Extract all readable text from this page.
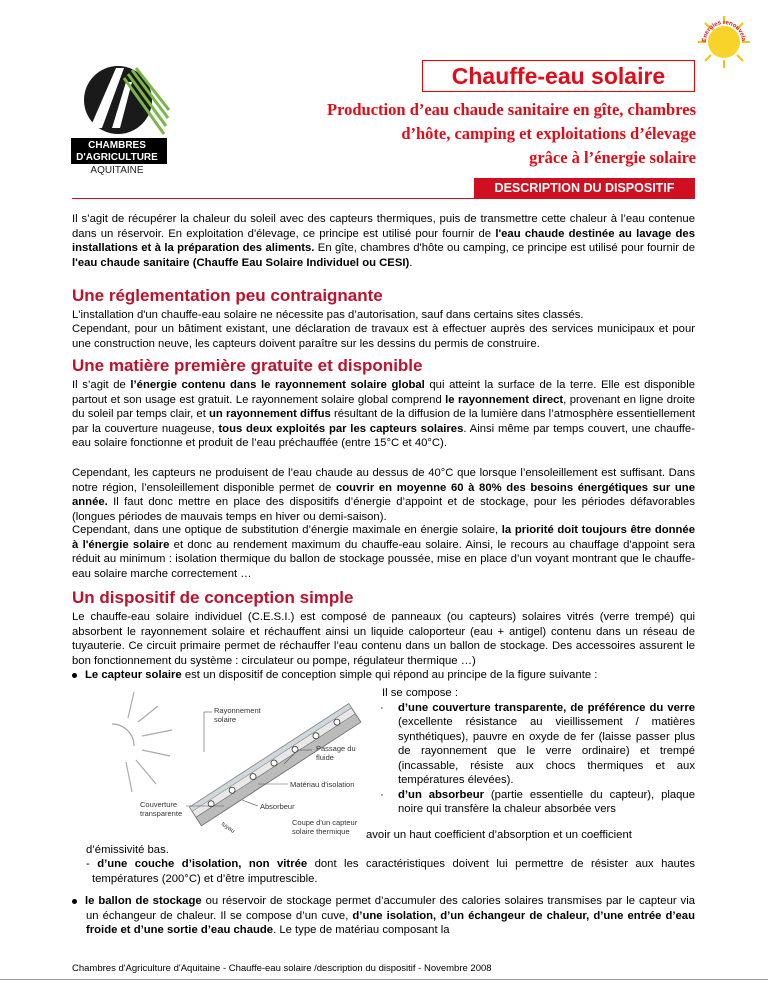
CHAMBRES
D'AGRICULTURE
AQUITAINE
Energies renouvela
Chauffe-eau solaire
Production d’eau chaude sanitaire en gîte, chambres
d’hôte, camping et exploitations d’élevage
grâce à l’énergie solaire
DESCRIPTION DU DISPOSITIF

Il s’agit de récupérer la chaleur du soleil avec des capteurs thermiques, puis de transmettre cette chaleur à l’eau contenue dans un réservoir. En exploitation d'élevage, ce principe est utilisé pour fournir de l'eau chaude destinée au lavage des installations et à la préparation des aliments. En gîte, chambres d'hôte ou camping, ce principe est utilisé pour fournir de l'eau chaude sanitaire (Chauffe Eau Solaire Individuel ou CESI).

Une réglementation peu contraignante

L'installation d'un chauffe-eau solaire ne nécessite pas d’autorisation, sauf dans certains sites classés.

Cependant, pour un bâtiment existant, une déclaration de travaux est à effectuer auprès des services municipaux et pour une construction neuve, les capteurs doivent paraître sur les dessins du permis de construire.

Une matière première gratuite et disponible

Il s’agit de l’énergie contenu dans le rayonnement solaire global qui atteint la surface de la terre. Elle est disponible partout et son usage est gratuit. Le rayonnement solaire global comprend le rayonnement direct, provenant en ligne droite du soleil par temps clair, et un rayonnement diffus résultant de la diffusion de la lumière dans l’atmosphère essentiellement par la couverture nuageuse, tous deux exploités par les capteurs solaires. Ainsi même par temps couvert, une chauffe-eau solaire fonctionne et produit de l’eau préchauffée (entre 15°C et 40°C).

Cependant, les capteurs ne produisent de l’eau chaude au dessus de 40°C que lorsque l’ensoleillement est suffisant. Dans notre région, l’ensoleillement disponible permet de couvrir en moyenne 60 à 80% des besoins énergétiques sur une année. Il faut donc mettre en place des dispositifs d’énergie d’appoint et de stockage, pour les périodes défavorables (longues périodes de mauvais temps en hiver ou demi-saison).

Cependant, dans une optique de substitution d’énergie maximale en énergie solaire, la priorité doit toujours être donnée à l'énergie solaire et donc au rendement maximum du chauffe-eau solaire. Ainsi, le recours au chauffage d'appoint sera réduit au minimum : isolation thermique du ballon de stockage poussée, mise en place d’un voyant montrant que le chauffe-eau solaire marche correctement …

Un dispositif de conception simple

Le chauffe-eau solaire individuel (C.E.S.I.) est composé de panneaux (ou capteurs) solaires vitrés (verre trempé) qui absorbent le rayonnement solaire et réchauffent ainsi un liquide caloporteur (eau + antigel) contenu dans un réseau de tuyauterie. Ce circuit primaire permet de réchauffer l’eau contenu dans un ballon de stockage. Des accessoires assurent le bon fonctionnement du système : circulateur ou pompe, régulateur thermique …)

Le capteur solaire est un dispositif de conception simple qui répond au principe de la figure suivante :

Rayonnement solaire
Passage du fluide
Matériau d'isolation
Couverture transparente
Absorbeur
Coupe d'un capteur solaire thermique
tuyau

Il se compose :

· d’une couverture transparente, de préférence du verre (excellente résistance au vieillissement / matières synthétiques), pauvre en oxyde de fer (laisse passer plus de rayonnement que le verre ordinaire) et trempé (incassable, résiste aux chocs thermiques et aux températures élevées).

· d’un absorbeur (partie essentielle du capteur), plaque noire qui transfère la chaleur absorbée vers

avoir un haut coefficient d’absorption et un coefficient

d’émissivité bas.

- d’une couche d’isolation, non vitrée dont les caractéristiques doivent lui permettre de résister aux hautes températures (200°C) et d’être imputrescible.

le ballon de stockage ou réservoir de stockage permet d’accumuler des calories solaires transmises par le capteur via un échangeur de chaleur. Il se compose d’un cuve, d’une isolation, d’un échangeur de chaleur, d’une entrée d’eau froide et d’une sortie d’eau chaude. Le type de matériau composant la

Chambres d'Agriculture d'Aquitaine - Chauffe-eau solaire /description du dispositif - Novembre 2008
